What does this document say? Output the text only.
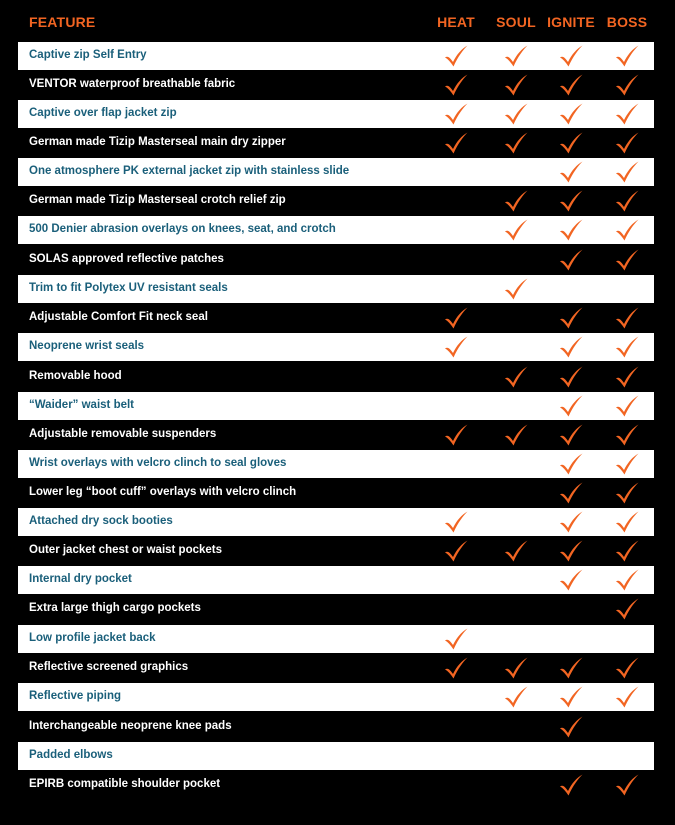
FEATURE	HEAT SOUL IGNITE BOSS
Captive zip Self Entry
VENTOR waterproof breathable fabric
Captive over flap jacket zip
German made Tizip Masterseal main dry zipper
One atmosphere PK external jacket zip with stainless slide
German made Tizip Masterseal crotch relief zip
500 Denier abrasion overlays on knees, seat, and crotch
SOLAS approved reflective patches
Trim to fit Polytex UV resistant seals
Adjustable Comfort Fit neck seal
Neoprene wrist seals
Removable hood
“Waider” waist belt
Adjustable removable suspenders
Wrist overlays with velcro clinch to seal gloves
Lower leg “boot cuff” overlays with velcro clinch
Attached dry sock booties
Outer jacket chest or waist pockets
Internal dry pocket
Extra large thigh cargo pockets
Low profile jacket back
Reflective screened graphics
Reflective piping
Interchangeable neoprene knee pads
Padded elbows
EPIRB compatible shoulder pocket
